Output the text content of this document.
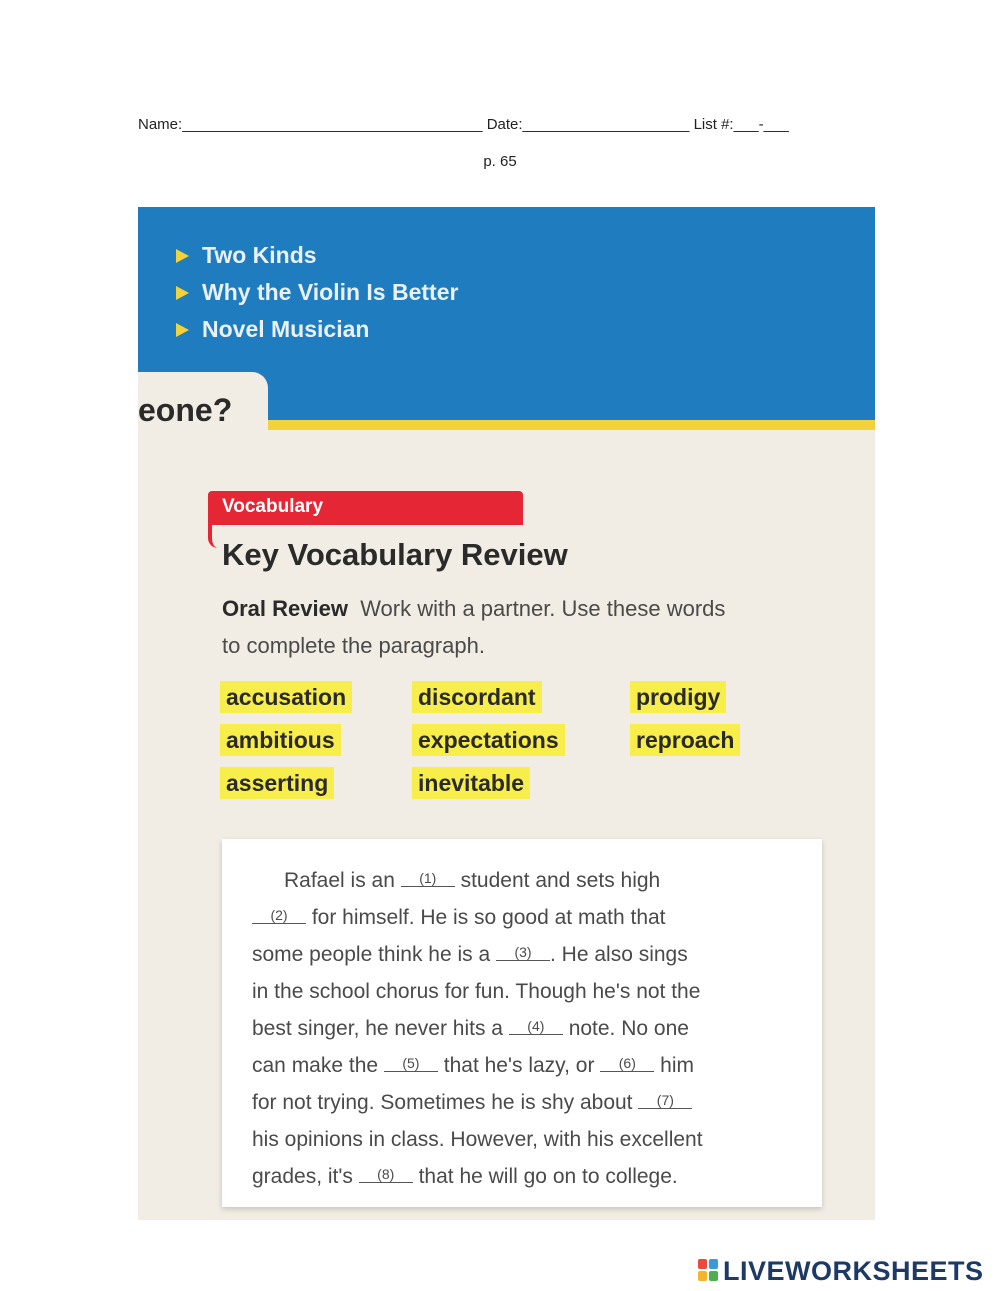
Name:____________________________________ Date:____________________ List #:___-___
p. 65
Two Kinds
Why the Violin Is Better
Novel Musician
eone?
Vocabulary
Key Vocabulary Review
Oral Review Work with a partner. Use these words
to complete the paragraph.
accusation
ambitious
asserting
discordant
expectations
inevitable
prodigy
reproach
Rafael is an (1) student and sets high
(2) for himself. He is so good at math that
some people think he is a (3) . He also sings
in the school chorus for fun. Though he's not the
best singer, he never hits a (4) note. No one
can make the (5) that he's lazy, or (6) him
for not trying. Sometimes he is shy about (7)
his opinions in class. However, with his excellent
grades, it's (8) that he will go on to college.
LIVEWORKSHEETS
